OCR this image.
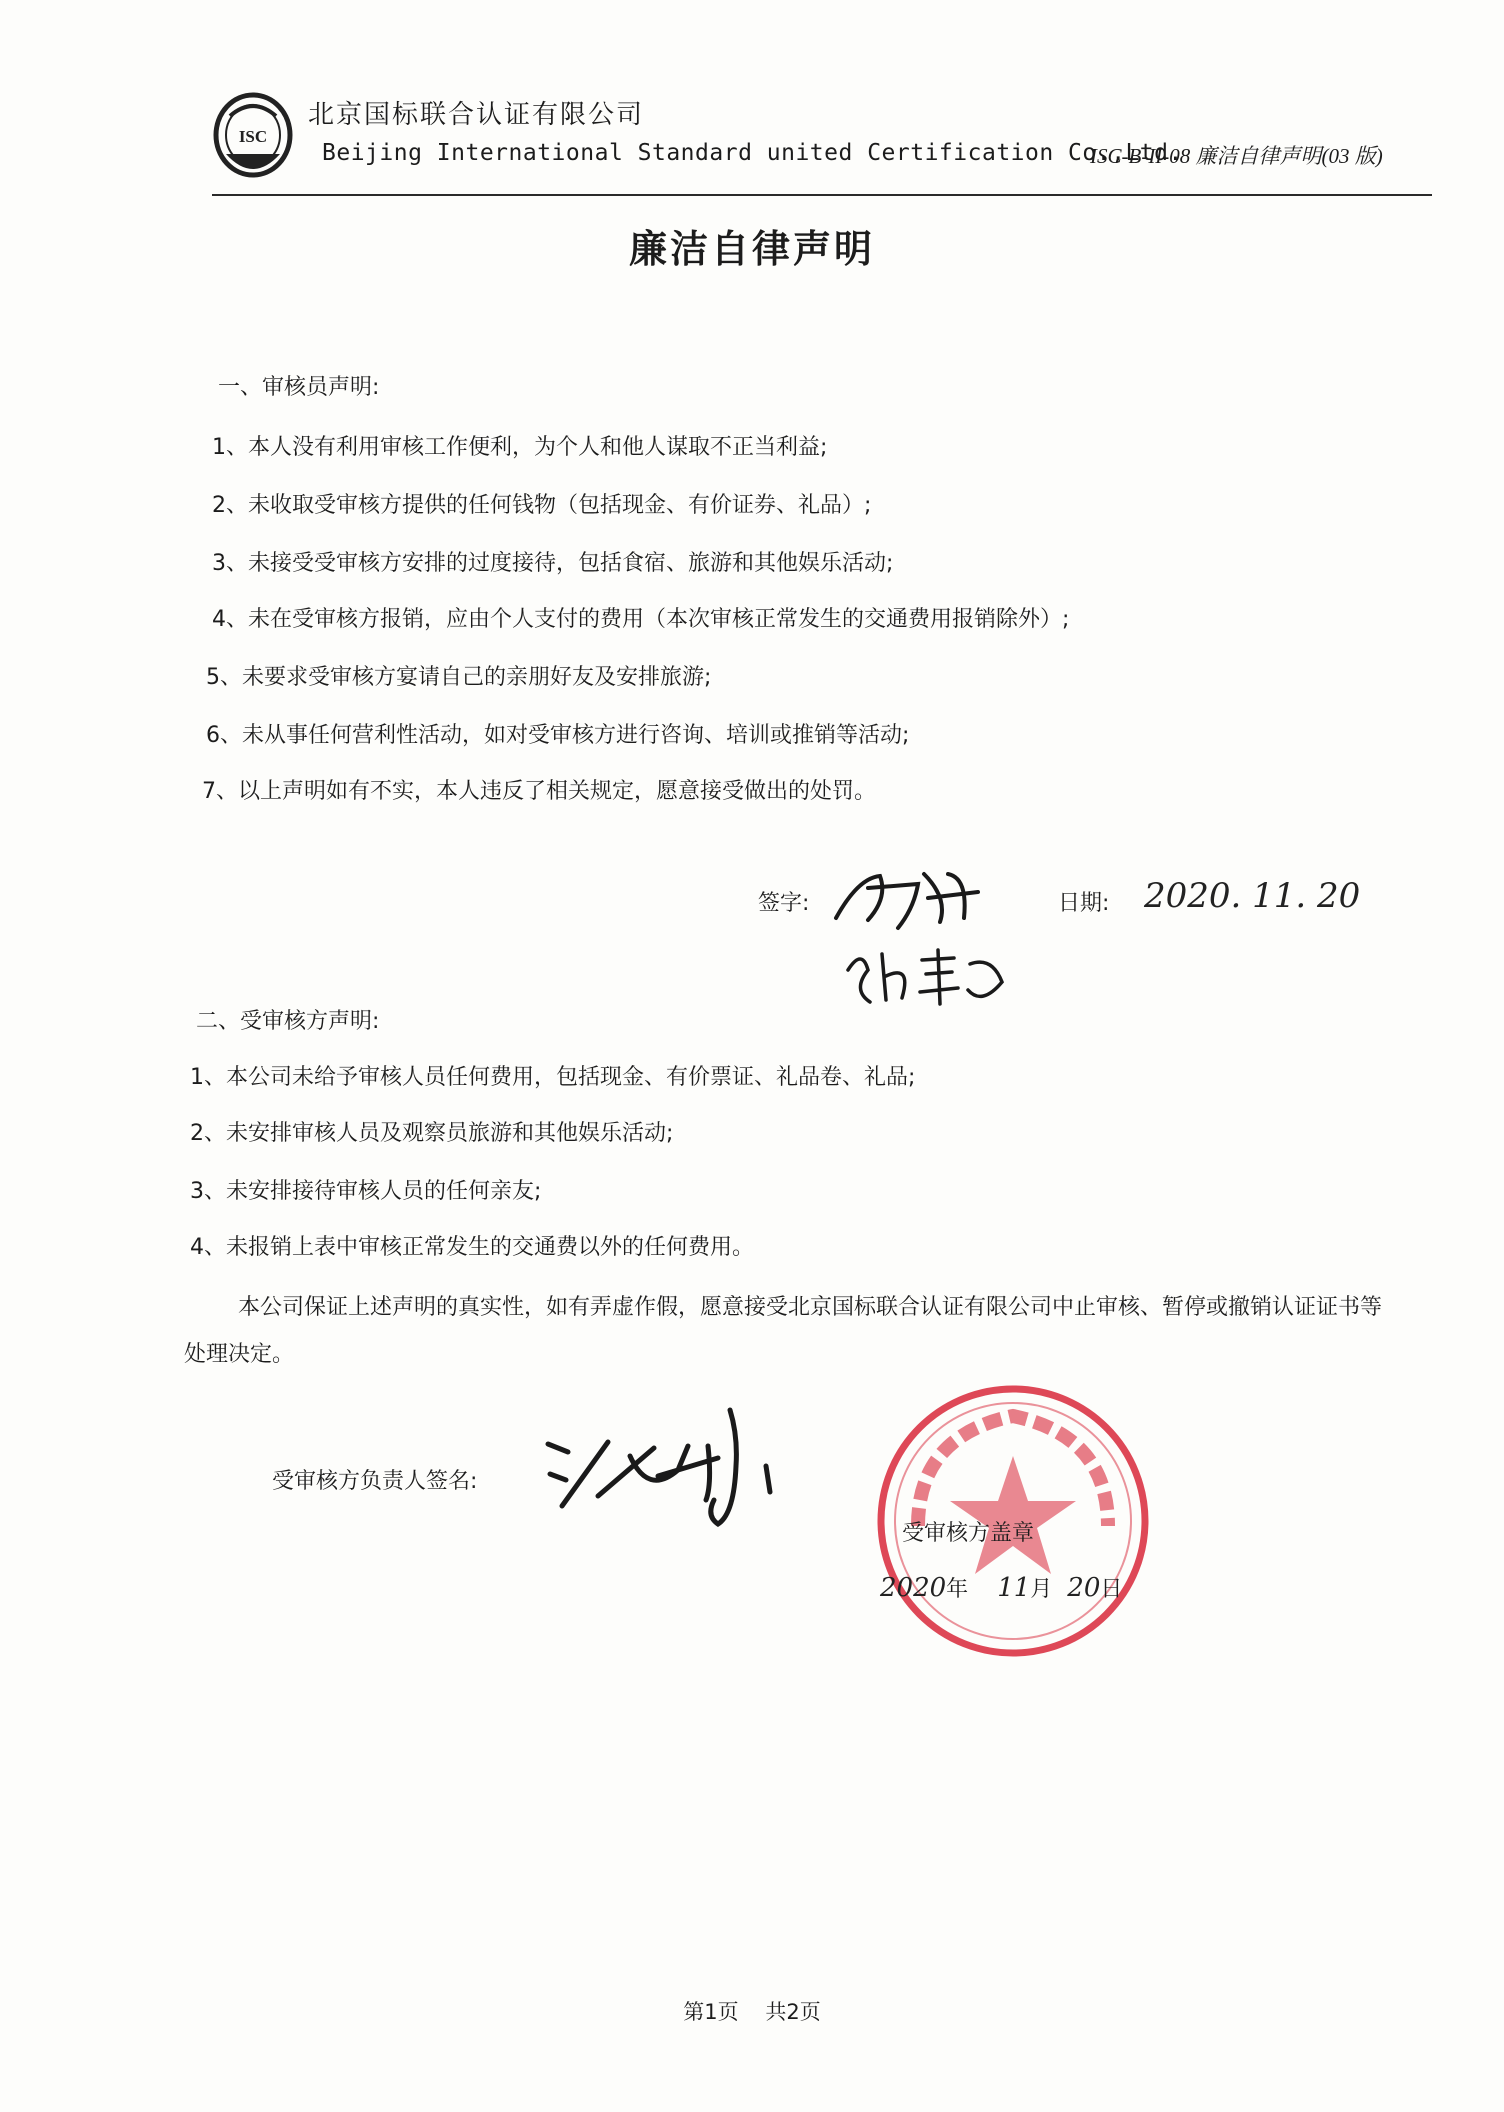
ISC
北京国标联合认证有限公司
Beijing International Standard united Certification Co.,Ltd.
ISC-B-II-08 廉洁自律声明(03 版)
廉洁自律声明
一、审核员声明:
1、本人没有利用审核工作便利，为个人和他人谋取不正当利益;
2、未收取受审核方提供的任何钱物（包括现金、有价证券、礼品）;
3、未接受受审核方安排的过度接待，包括食宿、旅游和其他娱乐活动;
4、未在受审核方报销，应由个人支付的费用（本次审核正常发生的交通费用报销除外）;
5、未要求受审核方宴请自己的亲朋好友及安排旅游;
6、未从事任何营利性活动，如对受审核方进行咨询、培训或推销等活动;
7、以上声明如有不实，本人违反了相关规定，愿意接受做出的处罚。
签字:	日期: 2020. 11. 20
二、受审核方声明:
1、本公司未给予审核人员任何费用，包括现金、有价票证、礼品卷、礼品;
2、未安排审核人员及观察员旅游和其他娱乐活动;
3、未安排接待审核人员的任何亲友;
4、未报销上表中审核正常发生的交通费以外的任何费用。
本公司保证上述声明的真实性，如有弄虚作假，愿意接受北京国标联合认证有限公司中止审核、暂停或撤销认证证书等处理决定。
受审核方负责人签名:
受审核方盖章
2020年 11月 20日
第1页 共2页
